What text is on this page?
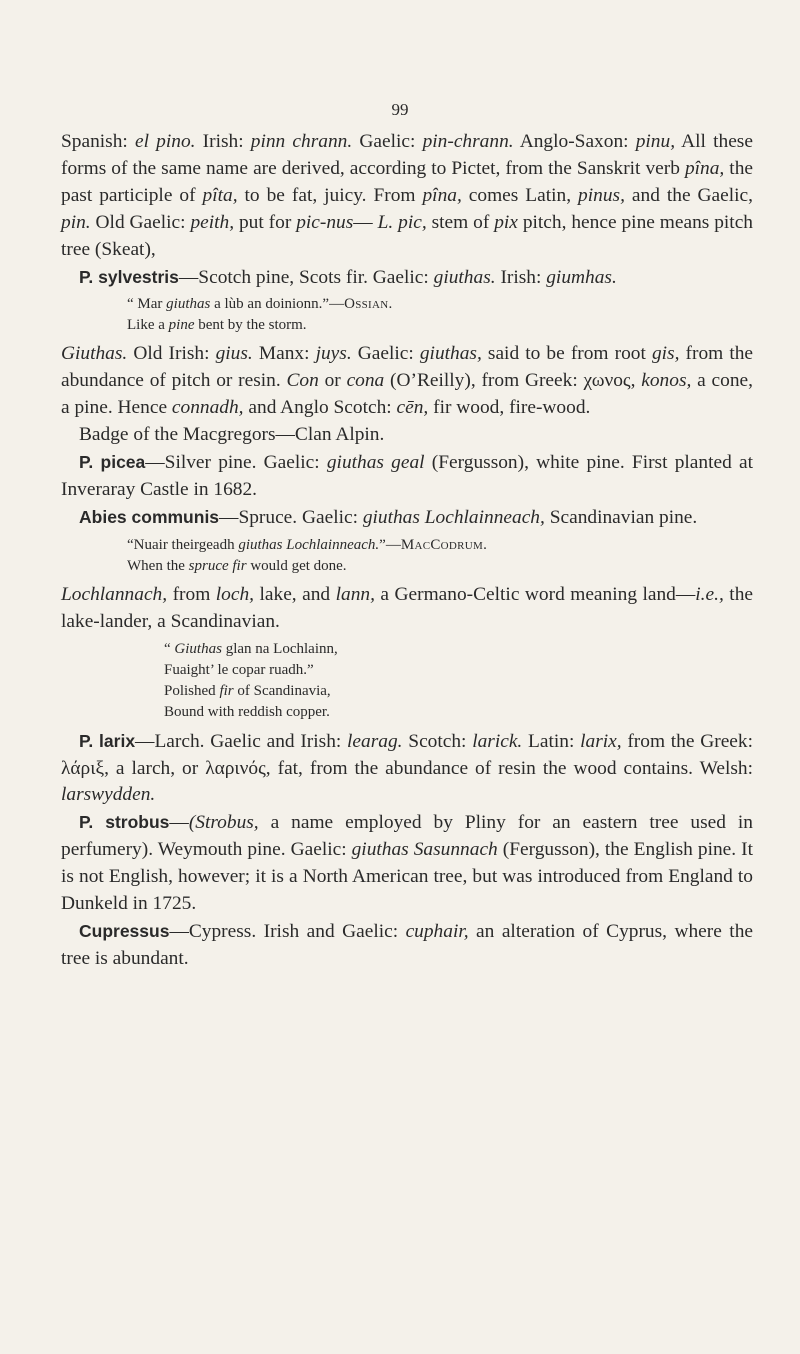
99

Spanish: el pino. Irish: pinn chrann. Gaelic: pin-chrann. Anglo-Saxon: pinu, All these forms of the same name are derived, according to Pictet, from the Sanskrit verb pîna, the past participle of pîta, to be fat, juicy. From pîna, comes Latin, pinus, and the Gaelic, pin. Old Gaelic: peith, put for pic-nus— L. pic, stem of pix pitch, hence pine means pitch tree (Skeat),

P. sylvestris—Scotch pine, Scots fir. Gaelic: giuthas. Irish: giumhas.

“ Mar giuthas a lùb an doinionn.”—Ossian.
Like a pine bent by the storm.

Giuthas. Old Irish: gius. Manx: juys. Gaelic: giuthas, said to be from root gis, from the abundance of pitch or resin. Con or cona (O’Reilly), from Greek: χωνος, konos, a cone, a pine. Hence connadh, and Anglo Scotch: cēn, fir wood, fire-wood.

Badge of the Macgregors—Clan Alpin.

P. picea—Silver pine. Gaelic: giuthas geal (Fergusson), white pine. First planted at Inveraray Castle in 1682.

Abies communis—Spruce. Gaelic: giuthas Lochlainneach, Scandinavian pine.

“Nuair theirgeadh giuthas Lochlainneach.”—MacCodrum.
When the spruce fir would get done.

Lochlannach, from loch, lake, and lann, a Germano-Celtic word meaning land—i.e., the lake-lander, a Scandinavian.

“ Giuthas glan na Lochlainn,
Fuaight’ le copar ruadh.”
Polished fir of Scandinavia,
Bound with reddish copper.

P. larix—Larch. Gaelic and Irish: learag. Scotch: larick. Latin: larix, from the Greek: λάριξ, a larch, or λαρινός, fat, from the abundance of resin the wood contains. Welsh: larswydden.

P. strobus—(Strobus, a name employed by Pliny for an eastern tree used in perfumery). Weymouth pine. Gaelic: giuthas Sasunnach (Fergusson), the English pine. It is not English, however; it is a North American tree, but was introduced from England to Dunkeld in 1725.

Cupressus—Cypress. Irish and Gaelic: cuphair, an alteration of Cyprus, where the tree is abundant.
